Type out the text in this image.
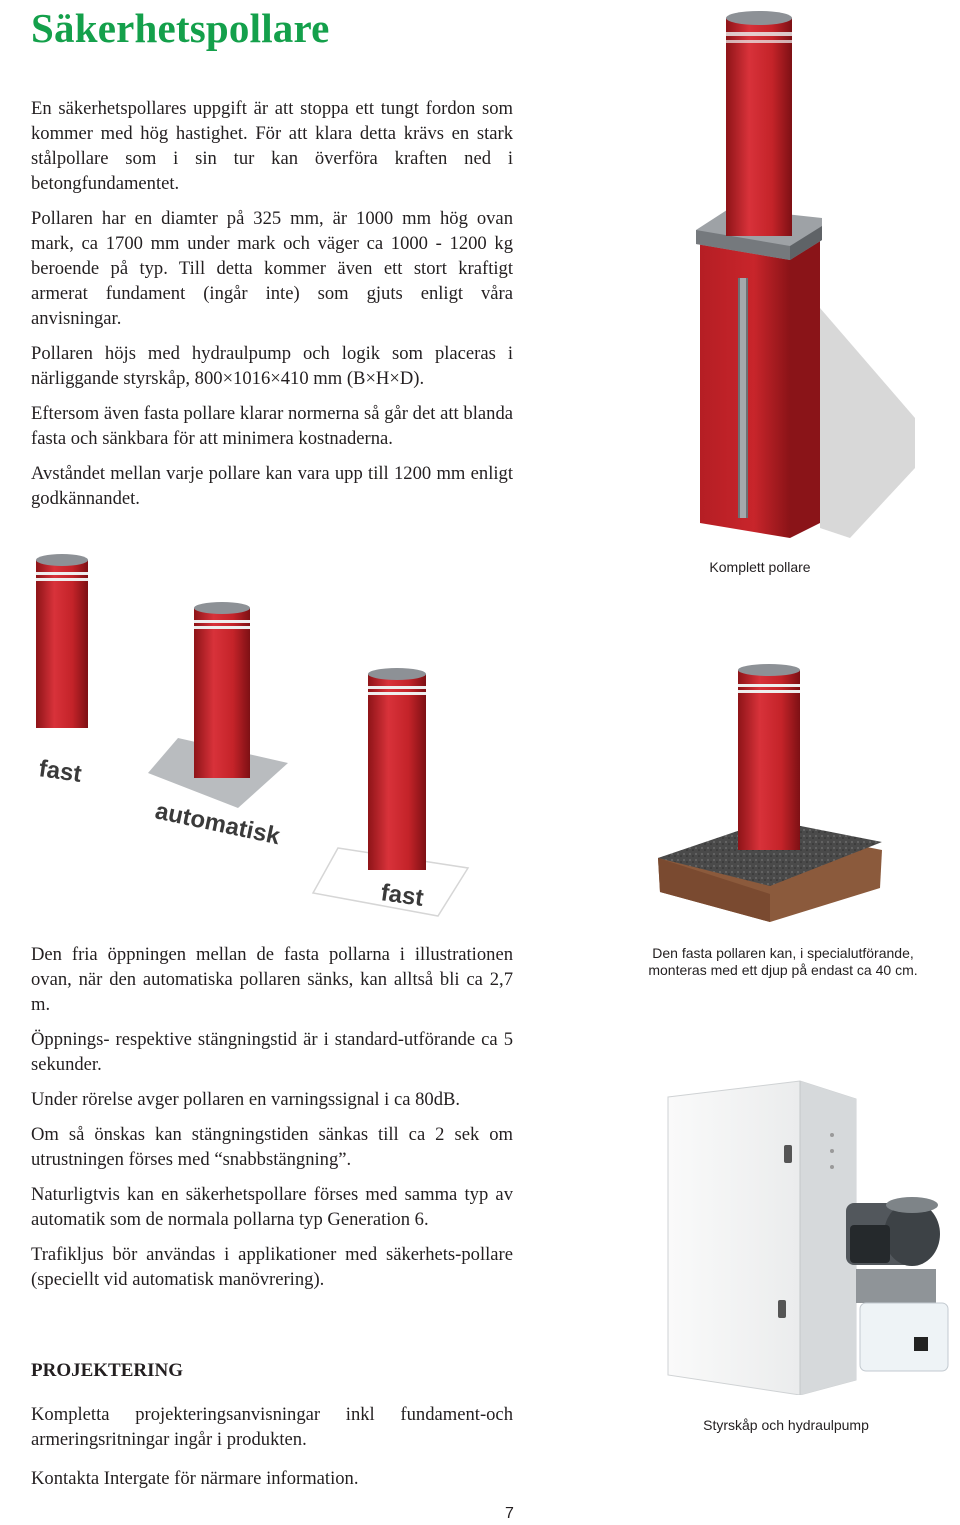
Säkerhetspollare

En säkerhetspollares uppgift är att stoppa ett tungt fordon som kommer med hög hastighet. För att klara detta krävs en stark stålpollare som i sin tur kan överföra kraften ned i betongfundamentet.

Pollaren har en diamter på 325 mm, är 1000 mm hög ovan mark, ca 1700 mm under mark och väger ca 1000 - 1200 kg beroende på typ. Till detta kommer även ett stort kraftigt armerat fundament (ingår inte) som gjuts enligt våra anvisningar.

Pollaren höjs med hydraulpump och logik som placeras i närliggande styrskåp, 800×1016×410 mm (B×H×D).

Eftersom även fasta pollare klarar normerna så går det att blanda fasta och sänkbara för att minimera kostnaderna.

Avståndet mellan varje pollare kan vara upp till 1200 mm enligt godkännandet.

Komplett pollare
fast
automatisk
fast
Den fasta pollaren kan, i specialutförande, monteras med ett djup på endast ca 40 cm.

Den fria öppningen mellan de fasta pollarna i illustrationen ovan, när den automatiska pollaren sänks, kan alltså bli ca 2,7 m.

Öppnings- respektive stängningstid är i standard-utförande ca 5 sekunder.

Under rörelse avger pollaren en varningssignal i ca 80dB.

Om så önskas kan stängningstiden sänkas till ca 2 sek om utrustningen förses med “snabbstängning”.

Naturligtvis kan en säkerhetspollare förses med samma typ av automatik som de normala pollarna typ Generation 6.

Trafikljus bör användas i applikationer med säkerhets-pollare (speciellt vid automatisk manövrering).

Styrskåp och hydraulpump
PROJEKTERING

Kompletta projekteringsanvisningar inkl fundament-och armeringsritningar ingår i produkten.

Kontakta Intergate för närmare information.

7
